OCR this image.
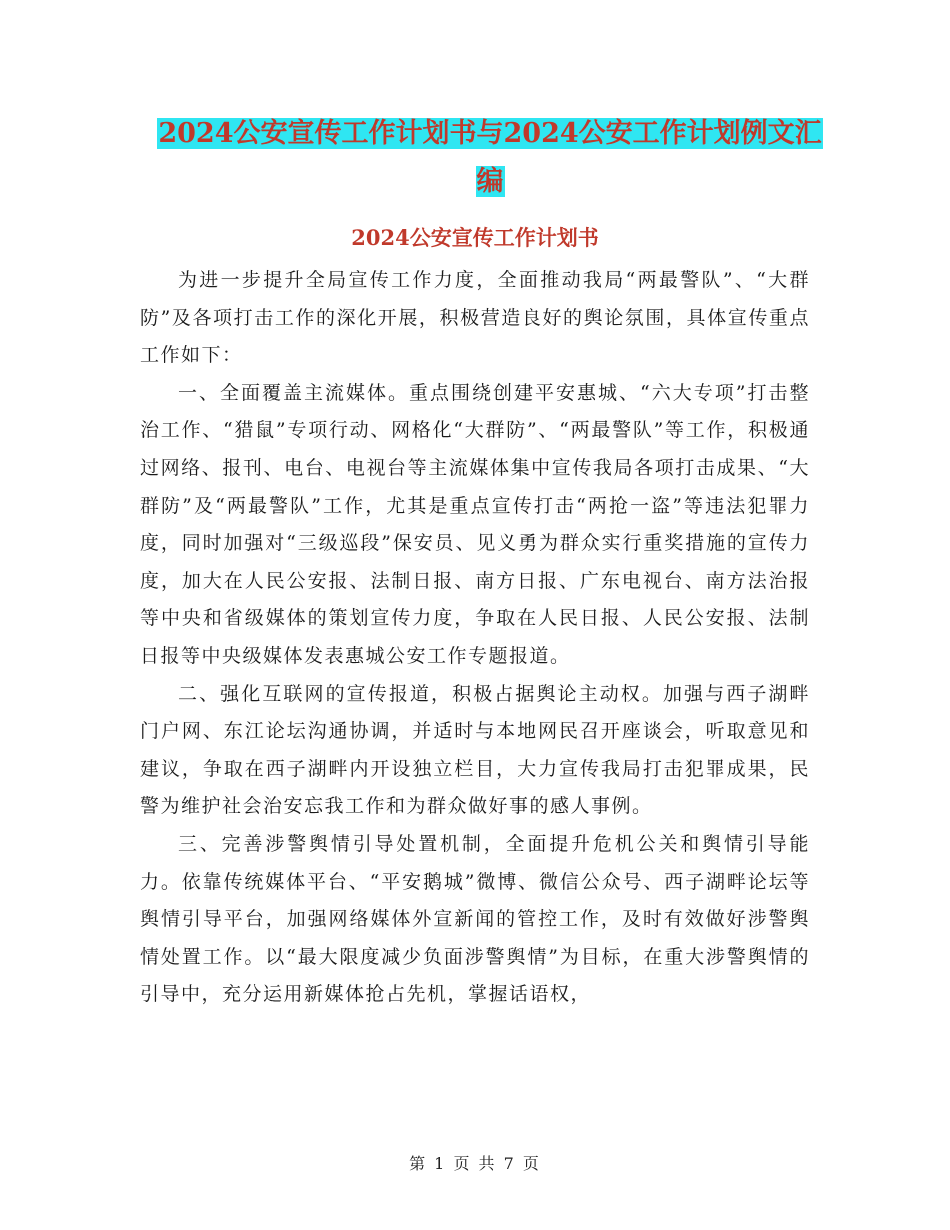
2024公安宣传工作计划书与2024公安工作计划例文汇编
2024公安宣传工作计划书

为进一步提升全局宣传工作力度，全面推动我局“两最警队”、“大群防”及各项打击工作的深化开展，积极营造良好的舆论氛围，具体宣传重点工作如下：

一、全面覆盖主流媒体。重点围绕创建平安惠城、“六大专项”打击整治工作、“猎鼠”专项行动、网格化“大群防”、“两最警队”等工作，积极通过网络、报刊、电台、电视台等主流媒体集中宣传我局各项打击成果、“大群防”及“两最警队”工作，尤其是重点宣传打击“两抢一盗”等违法犯罪力度，同时加强对“三级巡段”保安员、见义勇为群众实行重奖措施的宣传力度，加大在人民公安报、法制日报、南方日报、广东电视台、南方法治报等中央和省级媒体的策划宣传力度，争取在人民日报、人民公安报、法制日报等中央级媒体发表惠城公安工作专题报道。

二、强化互联网的宣传报道，积极占据舆论主动权。加强与西子湖畔门户网、东江论坛沟通协调，并适时与本地网民召开座谈会，听取意见和建议，争取在西子湖畔内开设独立栏目，大力宣传我局打击犯罪成果，民警为维护社会治安忘我工作和为群众做好事的感人事例。

三、完善涉警舆情引导处置机制，全面提升危机公关和舆情引导能力。依靠传统媒体平台、“平安鹅城”微博、微信公众号、西子湖畔论坛等舆情引导平台，加强网络媒体外宣新闻的管控工作，及时有效做好涉警舆情处置工作。以“最大限度减少负面涉警舆情”为目标，在重大涉警舆情的引导中，充分运用新媒体抢占先机，掌握话语权，

第 1 页 共 7 页
